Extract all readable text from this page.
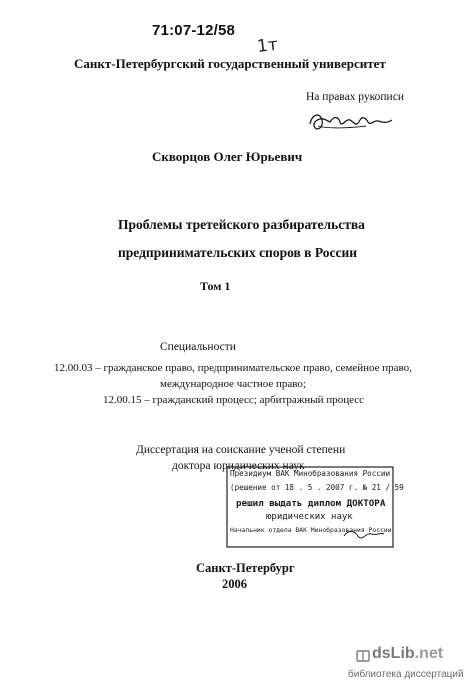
71:07-12/58
1т
Санкт-Петербургский государственный университет
На правах рукописи
Скворцов Олег Юрьевич
Проблемы третейского разбирательства
предпринимательских споров в России
Том 1
Специальности
12.00.03 – гражданское право, предпринимательское право, семейное право,
международное частное право;
12.00.15 – гражданский процесс; арбитражный процесс
Диссертация на соискание ученой степени
доктора юридических наук
Президиум ВАК Минобразования России
(решение от 18 . 5 . 2007 г. № 21 / 59
решил выдать диплом ДОКТОРА
юридических наук
Начальник отдела ВАК Минобразования России
Санкт-Петербург
2006
dsLib.net
библиотека диссертаций
